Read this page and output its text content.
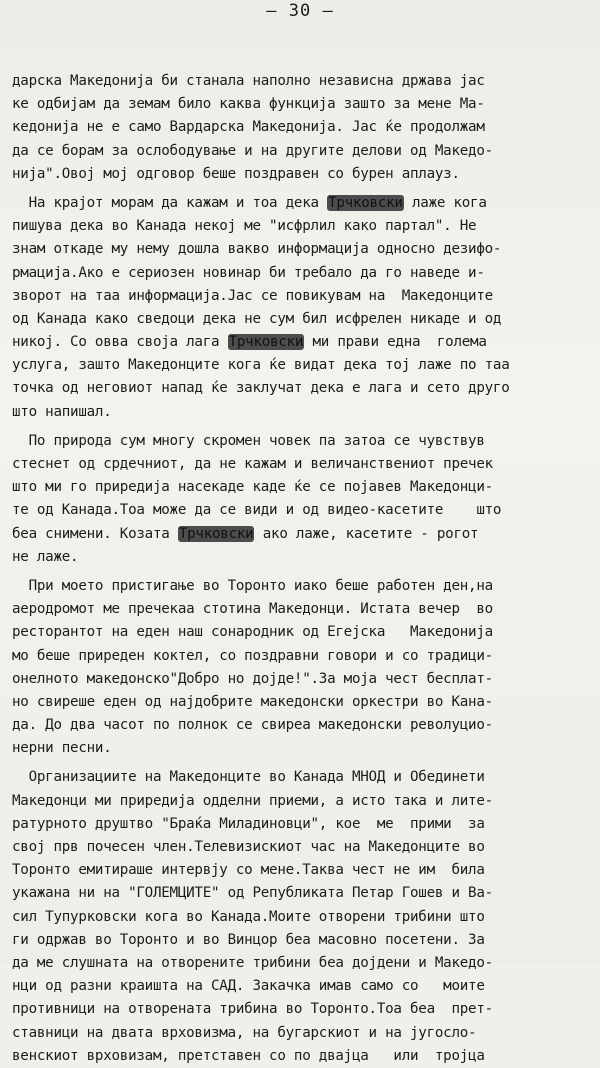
– 30 –
дарска Македонија би станала наполно независна држава јас
ке одбијам да земам било каква функција зашто за мене Ма-
кедонија не е само Вардарска Македонија. Јас ќе продолжам
да се борам за ослободување и на другите делови од Македо-
нија".Овој мој одговор беше поздравен со бурен аплауз.
На крајот морам да кажам и тоа дека Трчковски лаже кога
пишува дека во Канада некој ме "исфрлил како партал". Не
знам откаде му нему дошла вакво информација односно дезифо-
рмација.Ако е сериозен новинар би требало да го наведе и-
зворот на таа информација.Јас се повикувам на  Македонците
од Канада како сведоци дека не сум бил исфрелен никаде и од
никој. Со овва своја лага Трчковски ми прави една  голема
услуга, зашто Македонците кога ќе видат дека тој лаже по таа
точка од неговиот напад ќе заклучат дека е лага и сето друго
што напишал.
По природа сум многу скромен човек па затоа се чувствув
стеснет од срдечниот, да не кажам и величанствениот пречек
што ми го приредија насекаде каде ќе се појавев Македонци-
те од Канада.Тоа може да се види и од видео-касетите    што
беа снимени. Козата Трчковски ако лаже, касетите - рогот
не лаже.
При моето пристигање во Торонто иако беше работен ден,на
аеродромот ме пречекаа стотина Македонци. Истата вечер  во
ресторантот на еден наш сонародник од Егејска   Македонија
мо беше приреден коктел, со поздравни говори и со традици-
онелното македонско"Добро но дојде!".За моја чест бесплат-
но свиреше еден од најдобрите македонски оркестри во Кана-
да. До два часот по полнок се свиреа македонски револуцио-
нерни песни.
Организациите на Македонците во Канада МНОД и Обединети
Македонци ми приредија одделни приеми, а исто така и лите-
ратурното друштво "Браќа Миладиновци", кое  ме  прими  за
свој прв почесен член.Телевизискиот час на Македонците во
Торонто емитираше интервју со мене.Таква чест не им  била
укажана ни на "ГОЛЕМЦИТЕ" од Републиката Петар Гошев и Ва-
сил Тупурковски кога во Канада.Моите отворени трибини што
ги одржав во Торонто и во Винцор беа масовно посетени. За
да ме слушната на отворените трибини беа дојдени и Македо-
нци од разни краишта на САД. Закачка имав само со   моите
противници на отворената трибина во Торонто.Тоа беа  прет-
ставници на двата врховизма, на бугарскиот и на југосло-
венскиот врховизам, претставен со по двајца   или  тројца
